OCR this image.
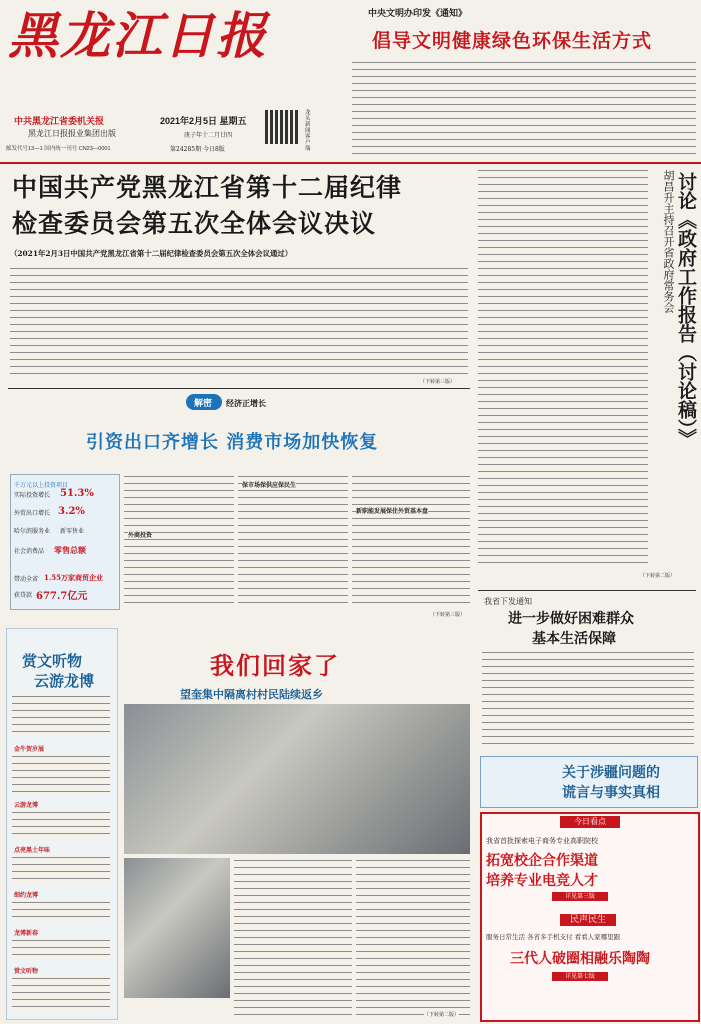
黑龙江日报
中共黑龙江省委机关报
黑龙江日报报业集团出版
邮发代号13—1 国内统一刊号 CN23—0001
2021年2月5日 星期五
庚子年十二月廿四
第24285期 今日8版
龙头新闻客户端
中央文明办印发《通知》
倡导文明健康绿色环保生活方式
中国共产党黑龙江省第十二届纪律
检查委员会第五次全体会议决议
（2021年2月3日中国共产党黑龙江省第十二届纪律检查委员会第五次全体会议通过）
（下转第三版）
胡昌升主持召开省政府常务会 讨论《政府工作报告（讨论稿）》
（下转第二版）
解密 经济正增长
引资出口齐增长 消费市场加快恢复
千万元以上投资项目
实际投资增长 51.3%
外贸出口增长 3.2%
哈尔滨服务业 新零售业
社会消费品 零售总额
带动全省 1.55万家商贸企业
获贷款 677.7亿元
外商投资
保市场保供应保民生
新职能发展保住外贸基本盘
（下转第三版）
赏文听物
云游龙博
金牛贺岁展
云游龙博
点亮黑土年味
细约龙博
龙博新春
赏文听物
我们回家了
望奎集中隔离村村民陆续返乡
（下转第二版）
我省下发通知
进一步做好困难群众
基本生活保障
关于涉疆问题的
谎言与事实真相
今日看点
我省首批探索电子商务专业高职院校
拓宽校企合作渠道
培养专业电竞人才
详见第三版
民声民生
服务日常生活 各省多手机支付 看看人家哪里跟
三代人破圈相融乐陶陶
详见第七版
